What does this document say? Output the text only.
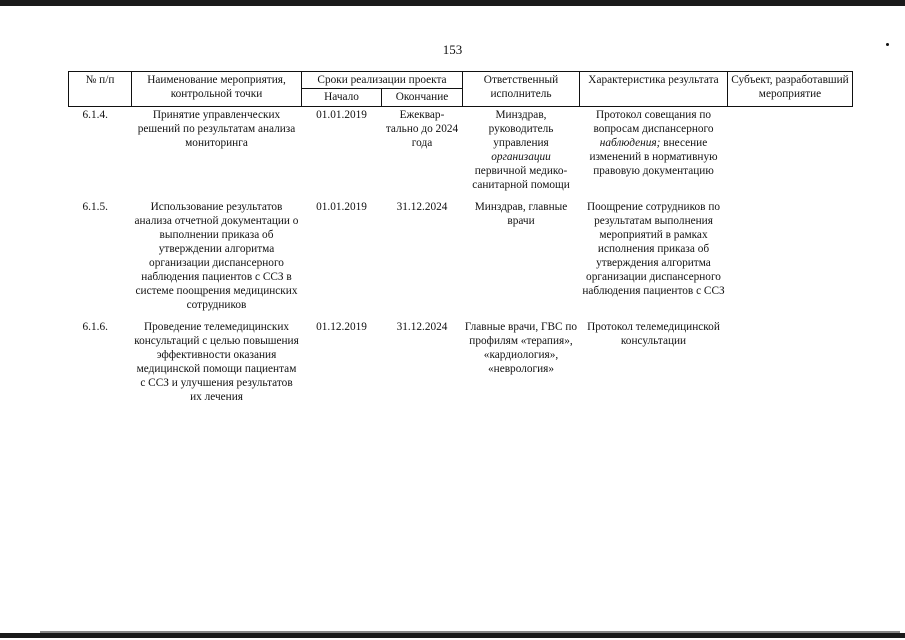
153
№ п/п	Наименование мероприятия, контрольной точки	Сроки реализации проекта		Ответственный исполнитель	Характеристика результата	Субъект, разработавший мероприятие
		Начало	Окончание			
6.1.4.	Принятие управленческих решений по результатам анализа мониторинга	01.01.2019	Ежеквар-тально до 2024 года	Минздрав, руководитель управления организации первичной медико-санитарной помощи	Протокол совещания по вопросам диспансерного наблюдения; внесение изменений в нормативную правовую документацию	
6.1.5.	Использование результатов анализа отчетной документации о выполнении приказа об утверждении алгоритма организации диспансерного наблюдения пациентов с ССЗ в системе поощрения медицинских сотрудников	01.01.2019	31.12.2024	Минздрав, главные врачи	Поощрение сотрудников по результатам выполнения мероприятий в рамках исполнения приказа об утверждения алгоритма организации диспансерного наблюдения пациентов с ССЗ	
6.1.6.	Проведение телемедицинских консультаций с целью повышения эффективности оказания медицинской помощи пациентам с ССЗ и улучшения результатов их лечения	01.12.2019	31.12.2024	Главные врачи, ГВС по профилям «терапия», «кардиология», «неврология»	Протокол телемедицинской консультации	
